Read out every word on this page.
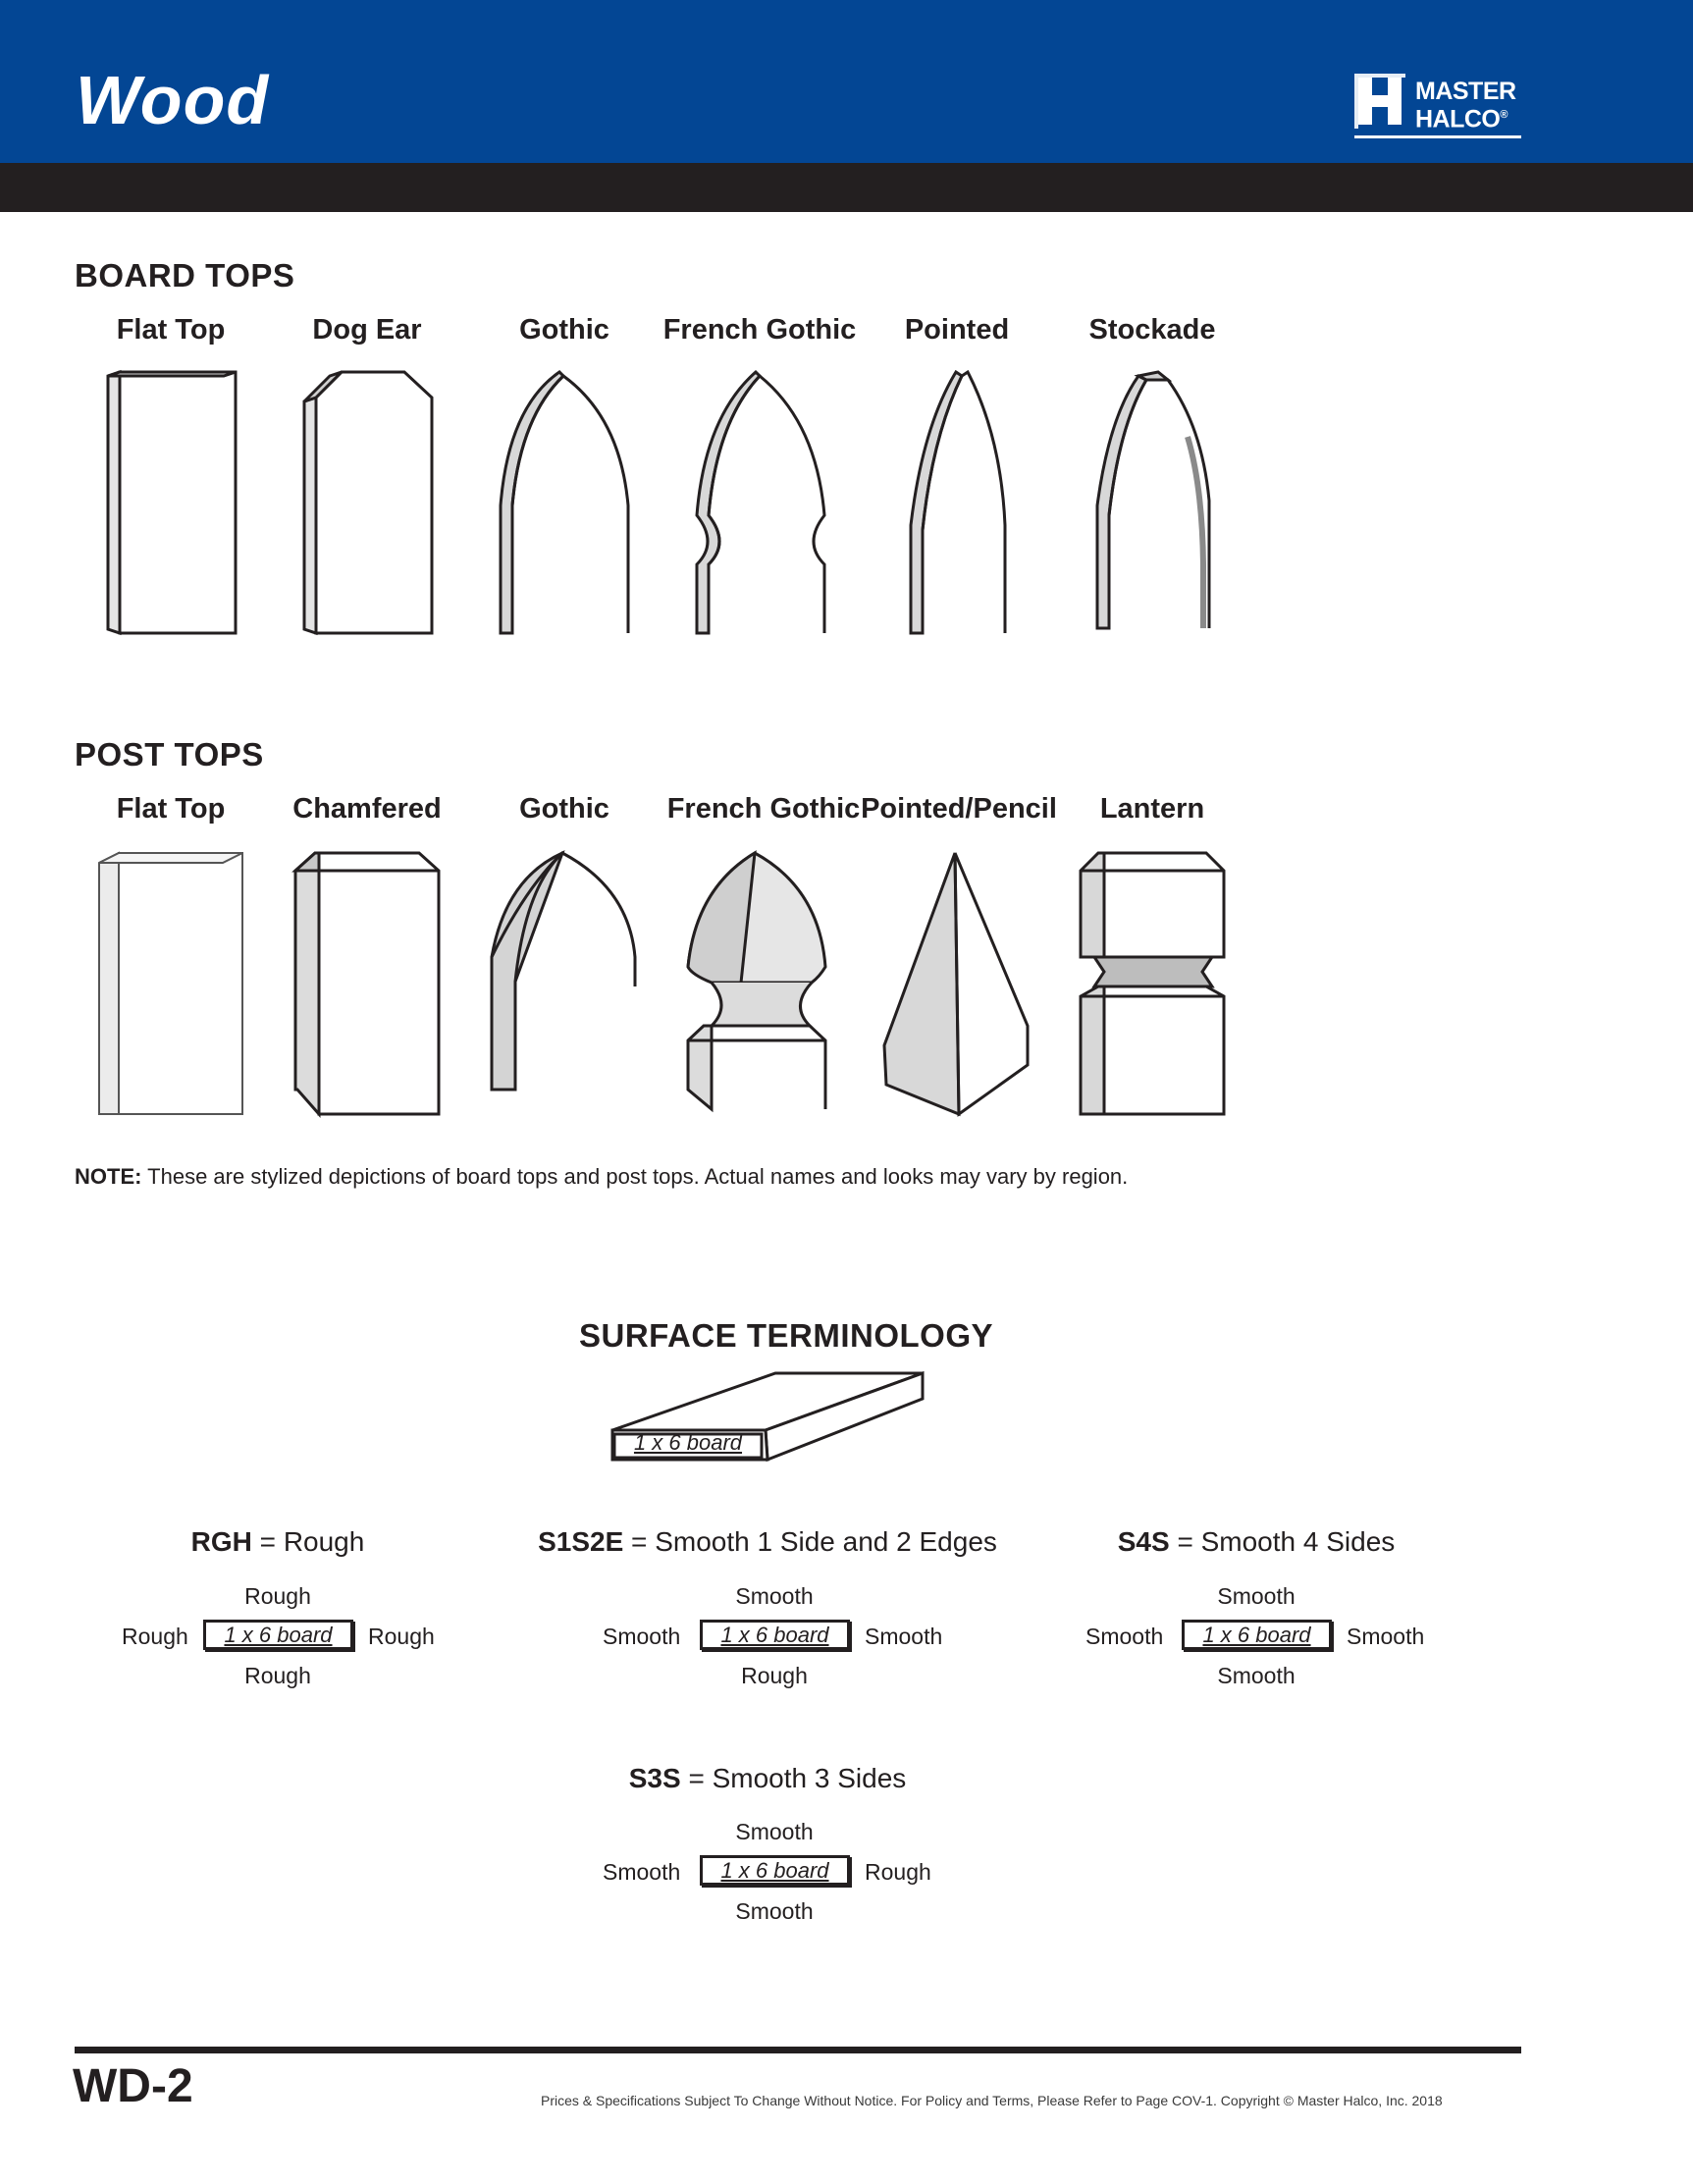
Wood	MASTER
HALCO®
BOARD TOPS
Flat Top	Dog Ear	Gothic French Gothic Pointed	Stockade
POST TOPS
Flat Top Chamfered	Gothic French Gothic Pointed/Pencil Lantern
NOTE: These are stylized depictions of board tops and post tops. Actual names and looks may vary by region.
SURFACE TERMINOLOGY
1 x 6 board
RGH = Rough
Rough
Rough 1 x 6 board Rough
Rough
S1S2E = Smooth 1 Side and 2 Edges
Smooth
Smooth 1 x 6 board Smooth
Rough
S4S = Smooth 4 Sides
Smooth
Smooth 1 x 6 board Smooth
Smooth
S3S = Smooth 3 Sides
Smooth
Smooth 1 x 6 board Rough
Smooth
WD-2	Prices & Specifications Subject To Change Without Notice. For Policy and Terms, Please Refer to Page COV-1. Copyright © Master Halco, Inc. 2018
